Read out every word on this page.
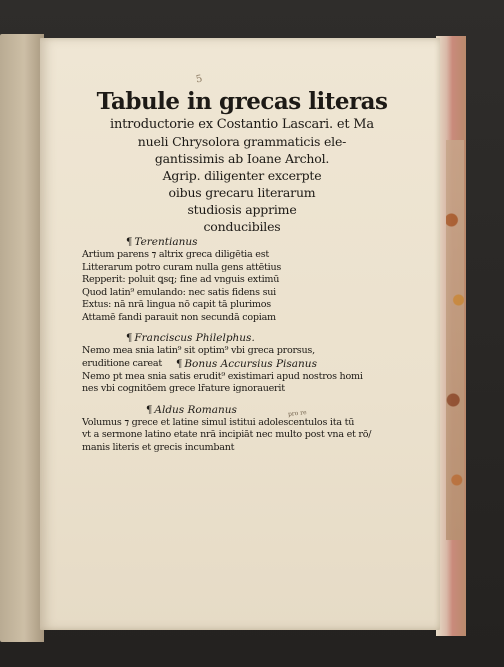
5
Tabule in grecas literas
introductorie ex Costantio Lascari. et Ma
nueli Chrysolora grammaticis ele-
gantissimis ab Ioane Archol.
Agrip. diligenter excerpte
oibus grecaru literarum
studiosis apprime
conducibiles
¶ Terentianus
Artium parens ⁊ altrix greca diligētia est
Litterarum potro curam nulla gens attētius
Repperit: poluit ꝗsq; fine ad vnguis extimū
Quod latin⁹ emulando: nec satis fidens sui
Extus: nā nrā lingua nō capit tā plurimos
Attamē fandi parauit non secundā copiam
¶ Franciscus Philelphus.
Nemo mea snia latin⁹ sit optim⁹ vbi greca prorsus,
eruditione careat ¶ Bonus Accursius Pisanus
Nemo pt mea snia satis erudit⁹ existimari apud nostros homi
nes vbi cognitōem grece lr̄ature ignorauerit
¶ Aldus Romanus
Volumus ⁊ grece et latine simul istitui adolescentulos ita tū
vt a sermone latino etate nrā incipiāt nec multo post vna et rō/
manis literis et grecis incumbant
pro re
